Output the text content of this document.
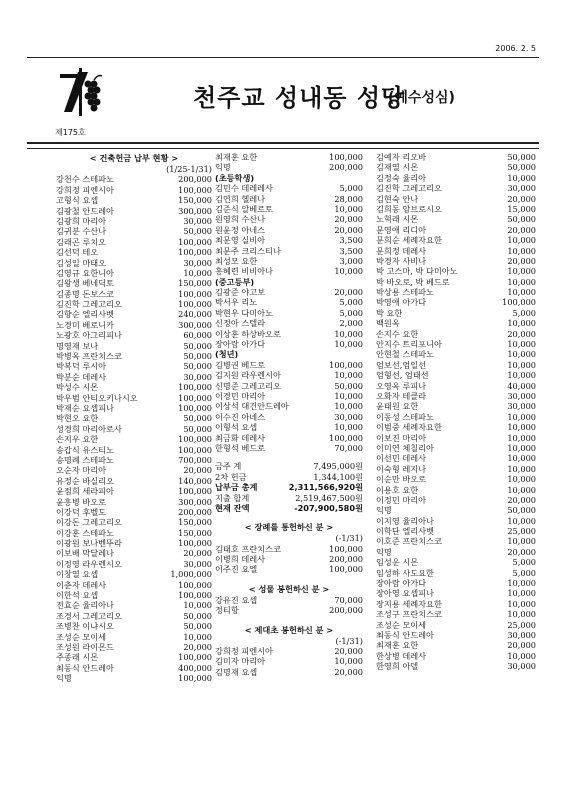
2006. 2. 5
제175호
천주교 성내동 성당
(예수성심)
< 건축헌금 납부 현황 >
(1/25-1/31)
강천수 스테파노	200,000
강희정 피엔시아	100,000
고형식 요셉	150,000
김광철 안드레아	300,000
김광희 마리아	30,000
김귀분 수산나	50,000
김래곤 루치오	100,000
김선덕 테오	100,000
김성일 마태오	30,000
김영규 요한니아	10,000
김왕생 베네딕토	150,000
김종명 돈보스코	100,000
김진학 그레고리오	100,000
김향순 엘리사벳	240,000
노경미 베로니카	300,000
노광호 아그리피나	60,000
명영재 보나	50,000
박병옥 프란치스코	50,000
박복덕 루시아	50,000
박분순 데레사	30,000
박성수 시몬	100,000
박우범 안티오키나시오	100,000
박재순 요셉피나	100,000
박현오 요한	50,000
성경희 마리아로사	50,000
손지우 요한	100,000
송갑식 유스티노	100,000
송명례 스테파노	700,000
오순자 마리아	20,000
유정순 바실리오	140,000
윤점희 세라피아	100,000
윤흥병 바오로	300,000
이강덕 후벨도	200,000
이강돈 그레고리오	150,000
이강훈 스테파노	150,000
이광원 보나벤뚜라	100,000
이보배 막달레나	20,000
이정영 라우렌시오	30,000
이창열 요셉	1,000,000
이춘자 데레사	100,000
이한석 요셉	100,000
전효순 율리아나	10,000
조경서 그레고리오	50,000
조병찬 이냐시오	50,000
조성순 모이세	10,000
조성원 라이몬드	20,000
주종래 시몬	100,000
최동식 안드레아	400,000
익명	100,000
최재훈 요한	100,000
익명	200,000
(초등학생)
김민수 데레레사	5,000
김연희 헬레나	28,000
김준식 알베르토	10,000
원영희 수산나	20,000
원윤정 아네스	20,000
최문영 실비아	3,500
최문주 크리스티나	3,500
최성모 요한	3,000
홍혜련 비비아나	10,000
(중고등부)
김광준 야고보	20,000
박서우 리노	5,000
박현우 다미아노	5,000
신정아 스텔라	2,000
이상훈 하상바오로	10,000
장아람 아가다	10,000
(청년)
김병권 베드로	100,000
김지원 라우렌시아	10,000
신명준 그레고리오	50,000
이경민 마리아	10,000
이상석 대건안드레아	10,000
이수진 아녜스	30,000
이형석 요셉	10,000
최금화 데레사	100,000
한형석 베드로	70,000
금주 계	7,495,000원
2차 헌금	1,344,100원
납부금 총계	2,311,566,920원
지출 합계	2,519,467,500원
현재 잔액	-207,900,580원
< 장례를 통헌하신 분 >
(-1/31)
김태호 프란치스코	100,000
이병희 데레사	200,000
이주진 요엘	100,000
< 성물 봉헌하신 분 >
강유진 요셉	70,000
정티항	200,000
< 제대초 봉헌하신 분 >
(-1/31)
강희정 피엔시아	20,000
김미자 마리아	10,000
김명재 요셉	20,000
김예자 리오바	50,000
김재열 시몬	50,000
김정숙 율리아	10,000
김진학 그레고리오	30,000
김현숙 안나	20,000
김희동 암브로시오	15,000
노혁래 시몬	50,000
문영애 리디아	20,000
문희순 세례자요한	10,000
문희정 데레사	10,000
박경자 사비나	20,000
박 고스마, 박 다미아노	10,000
박 바오로, 박 베드로	10,000
박상용 스테파노	10,000
박영애 아가다	100,000
박 요한	5,000
백원옥	10,000
손지수 요한	20,000
안지수 트리포니아	10,000
안현철 스테파노	10,000
엄보선,엄일선	10,000
엄형선, 엄태선	10,000
오영옥 루피나	40,000
오화자 테클라	30,000
윤태원 요한	30,000
이동성 스테파노	10,000
이범중 세례자요한	10,000
이보진 마리아	10,000
이미연 체칠리아	10,000
이선민 데레사	10,000
이숙형 레지나	10,000
이순만 바오로	10,000
이용호 요한	10,000
이정민 마리아	20,000
익명	50,000
이지영 율리아나	10,000
이학단 엘리사벳	25,000
이호준 프란치스코	10,000
익명	20,000
임성운 시몬	5,000
임성하 사도요한	5,000
장아람 아가다	10,000
장아영 요셉피나	10,000
장지용 세례자요한	10,000
조성구 프란치스코	10,000
조성순 모이세	25,000
최동식 안드레아	30,000
최재훈 요한	20,000
한상병 데레사	10,000
한영희 아델	30,000
